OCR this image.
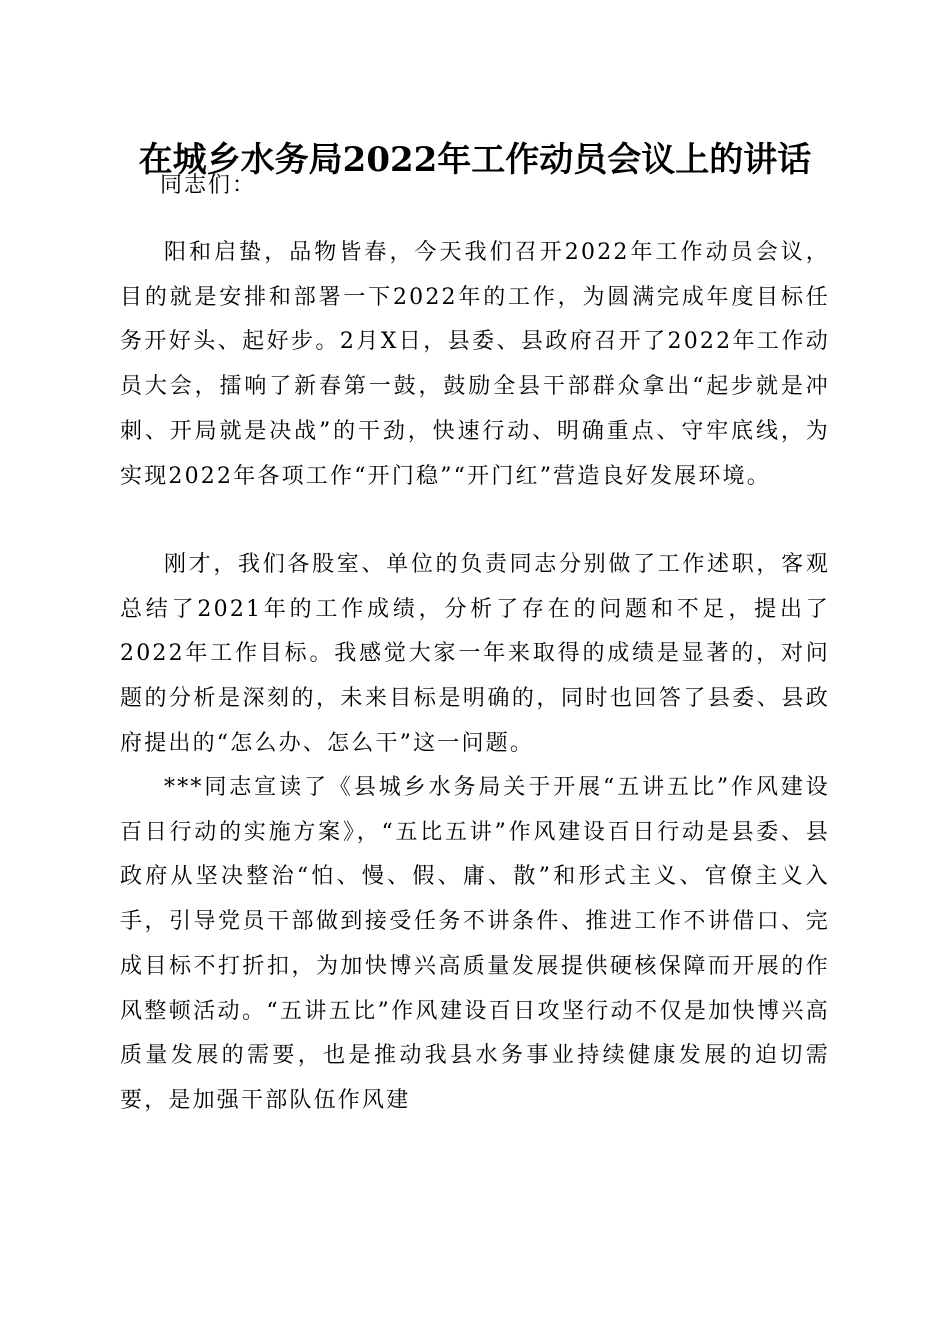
在城乡水务局2022年工作动员会议上的讲话

同志们：

阳和启蛰，品物皆春，今天我们召开2022年工作动员会议，目的就是安排和部署一下2022年的工作，为圆满完成年度目标任务开好头、起好步。2月X日，县委、县政府召开了2022年工作动员大会，擂响了新春第一鼓，鼓励全县干部群众拿出“起步就是冲刺、开局就是决战”的干劲，快速行动、明确重点、守牢底线，为实现2022年各项工作“开门稳”“开门红”营造良好发展环境。

刚才，我们各股室、单位的负责同志分别做了工作述职，客观总结了2021年的工作成绩，分析了存在的问题和不足，提出了2022年工作目标。我感觉大家一年来取得的成绩是显著的，对问题的分析是深刻的，未来目标是明确的，同时也回答了县委、县政府提出的“怎么办、怎么干”这一问题。

***同志宣读了《县城乡水务局关于开展“五讲五比”作风建设百日行动的实施方案》，“五比五讲”作风建设百日行动是县委、县政府从坚决整治“怕、慢、假、庸、散”和形式主义、官僚主义入手，引导党员干部做到接受任务不讲条件、推进工作不讲借口、完成目标不打折扣，为加快博兴高质量发展提供硬核保障而开展的作风整顿活动。“五讲五比”作风建设百日攻坚行动不仅是加快博兴高质量发展的需要，也是推动我县水务事业持续健康发展的迫切需要，是加强干部队伍作风建
